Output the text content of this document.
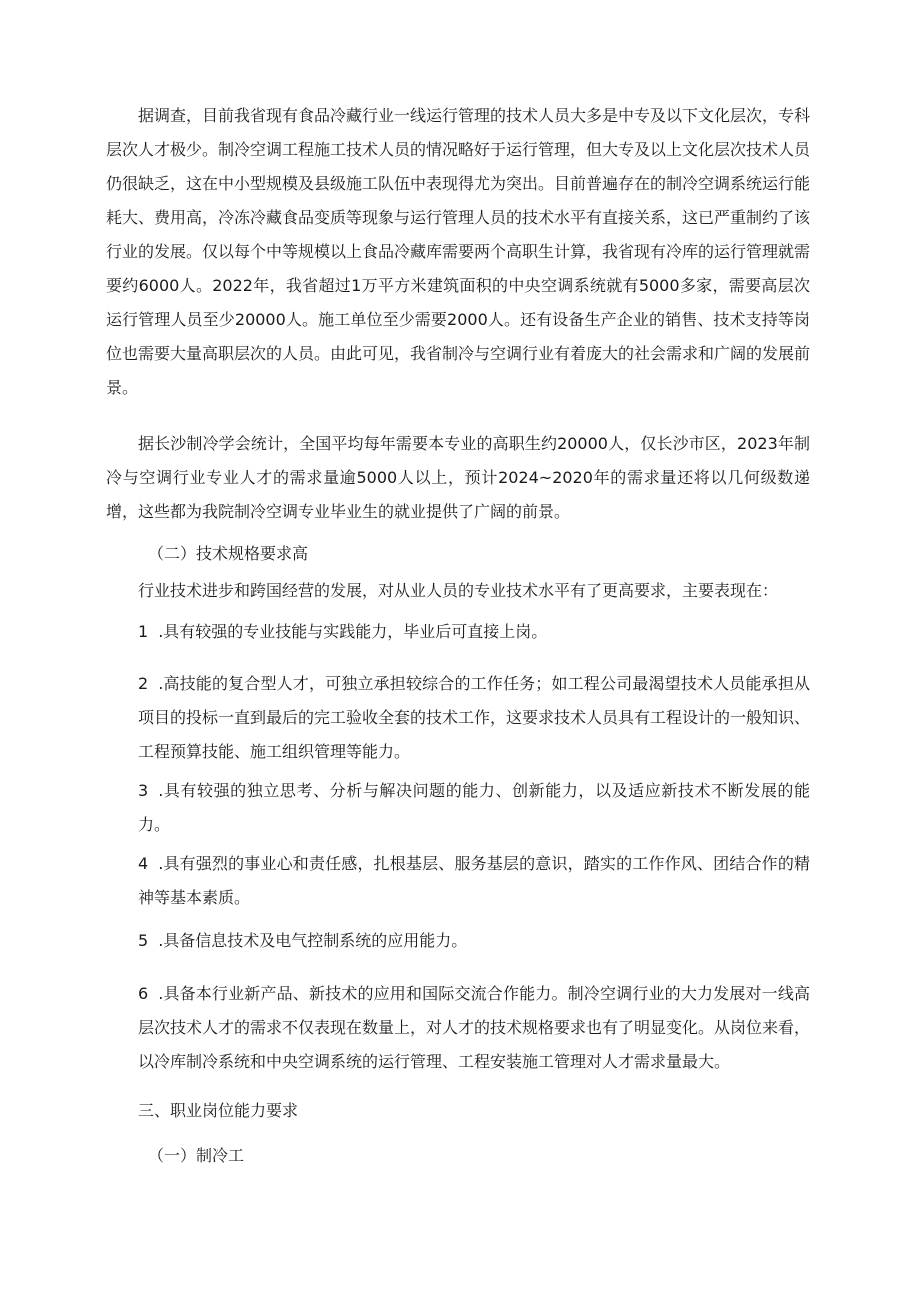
据调查，目前我省现有食品冷藏行业一线运行管理的技术人员大多是中专及以下文化层次，专科层次人才极少。制冷空调工程施工技术人员的情况略好于运行管理，但大专及以上文化层次技术人员仍很缺乏，这在中小型规模及县级施工队伍中表现得尤为突出。目前普遍存在的制冷空调系统运行能耗大、费用高，冷冻冷藏食品变质等现象与运行管理人员的技术水平有直接关系，这已严重制约了该行业的发展。仅以每个中等规模以上食品冷藏库需要两个高职生计算，我省现有冷库的运行管理就需要约6000人。2022年，我省超过1万平方米建筑面积的中央空调系统就有5000多家，需要高层次运行管理人员至少20000人。施工单位至少需要2000人。还有设备生产企业的销售、技术支持等岗位也需要大量高职层次的人员。由此可见，我省制冷与空调行业有着庞大的社会需求和广阔的发展前景。

据长沙制冷学会统计，全国平均每年需要本专业的高职生约20000人，仅长沙市区，2023年制冷与空调行业专业人才的需求量逾5000人以上，预计2024~2020年的需求量还将以几何级数递增，这些都为我院制冷空调专业毕业生的就业提供了广阔的前景。

（二）技术规格要求高

行业技术进步和跨国经营的发展，对从业人员的专业技术水平有了更高要求，主要表现在：

1 .具有较强的专业技能与实践能力，毕业后可直接上岗。

2 .高技能的复合型人才，可独立承担较综合的工作任务；如工程公司最渴望技术人员能承担从项目的投标一直到最后的完工验收全套的技术工作，这要求技术人员具有工程设计的一般知识、工程预算技能、施工组织管理等能力。

3 .具有较强的独立思考、分析与解决问题的能力、创新能力，以及适应新技术不断发展的能力。

4 .具有强烈的事业心和责任感，扎根基层、服务基层的意识，踏实的工作作风、团结合作的精神等基本素质。

5 .具备信息技术及电气控制系统的应用能力。

6 .具备本行业新产品、新技术的应用和国际交流合作能力。制冷空调行业的大力发展对一线高层次技术人才的需求不仅表现在数量上，对人才的技术规格要求也有了明显变化。从岗位来看，以冷库制冷系统和中央空调系统的运行管理、工程安装施工管理对人才需求量最大。

三、职业岗位能力要求

（一）制冷工
